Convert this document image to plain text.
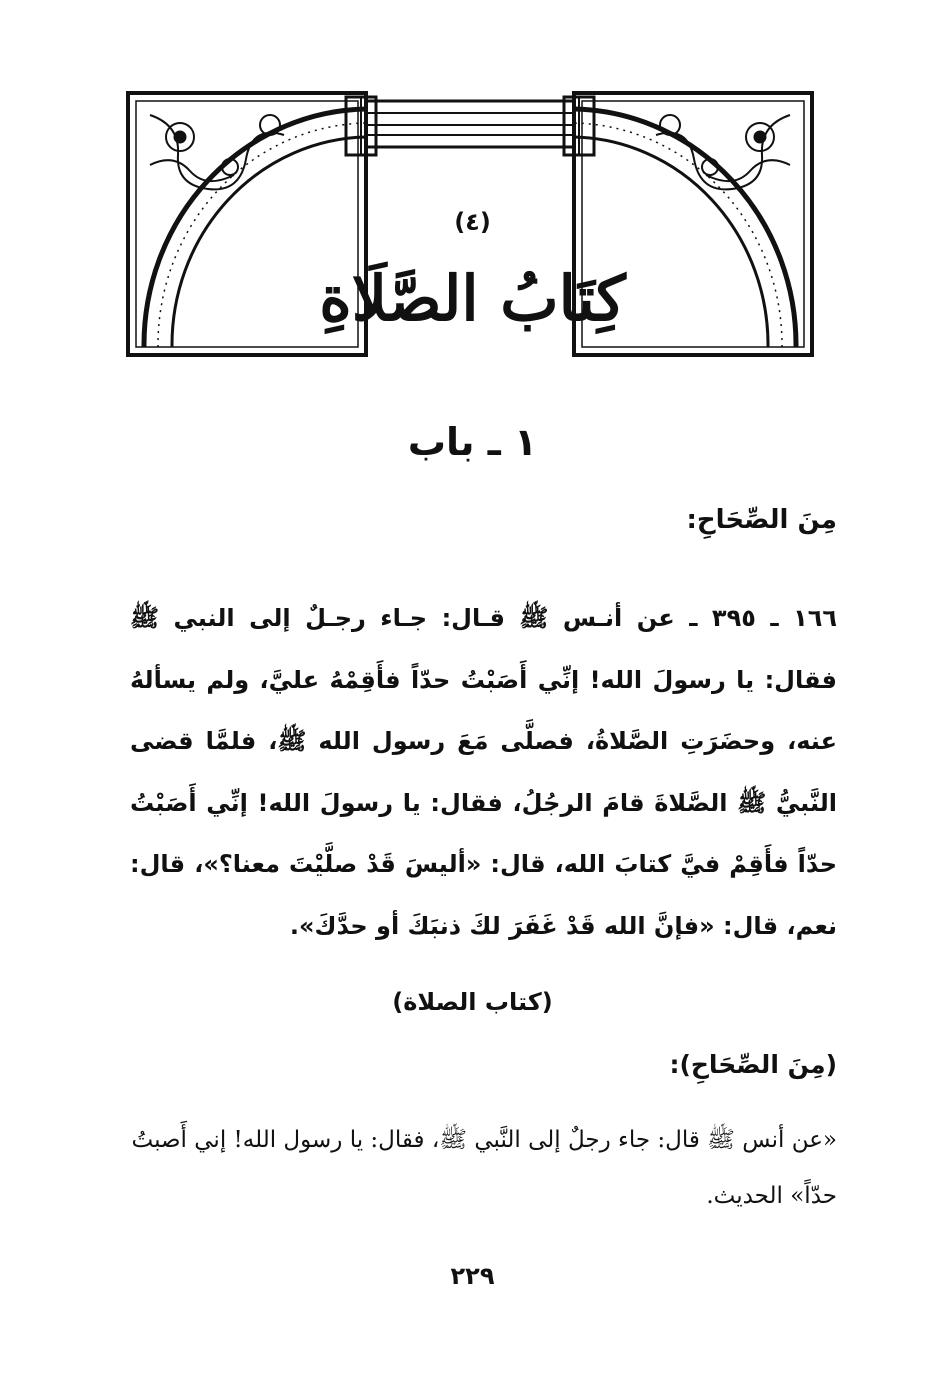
(٤)
كِتَابُ الصَّلَاةِ
١ ـ باب
مِنَ الصِّحَاحِ:
١٦٦ ـ ٣٩٥ ـ عن أنـس ﷺ قـال: جـاء رجـلٌ إلى النبي ﷺ فقال: يا رسولَ الله! إنِّي أَصَبْتُ حدّاً فأَقِمْهُ عليَّ، ولم يسألهُ عنه، وحضَرَتِ الصَّلاةُ، فصلَّى مَعَ رسول الله ﷺ، فلمَّا قضى النَّبيُّ ﷺ الصَّلاةَ قامَ الرجُلُ، فقال: يا رسولَ الله! إنِّي أَصَبْتُ حدّاً فأَقِمْ فيَّ كتابَ الله، قال: «أليسَ قَدْ صلَّيْتَ معنا؟»، قال: نعم، قال: «فإنَّ الله قَدْ غَفَرَ لكَ ذنبَكَ أو حدَّكَ».
(كتاب الصلاة)
(مِنَ الصِّحَاحِ):
«عن أنس ﷺ قال: جاء رجلٌ إلى النَّبي ﷺ، فقال: يا رسول الله! إني أَصبتُ حدّاً» الحديث.
٢٢٩
